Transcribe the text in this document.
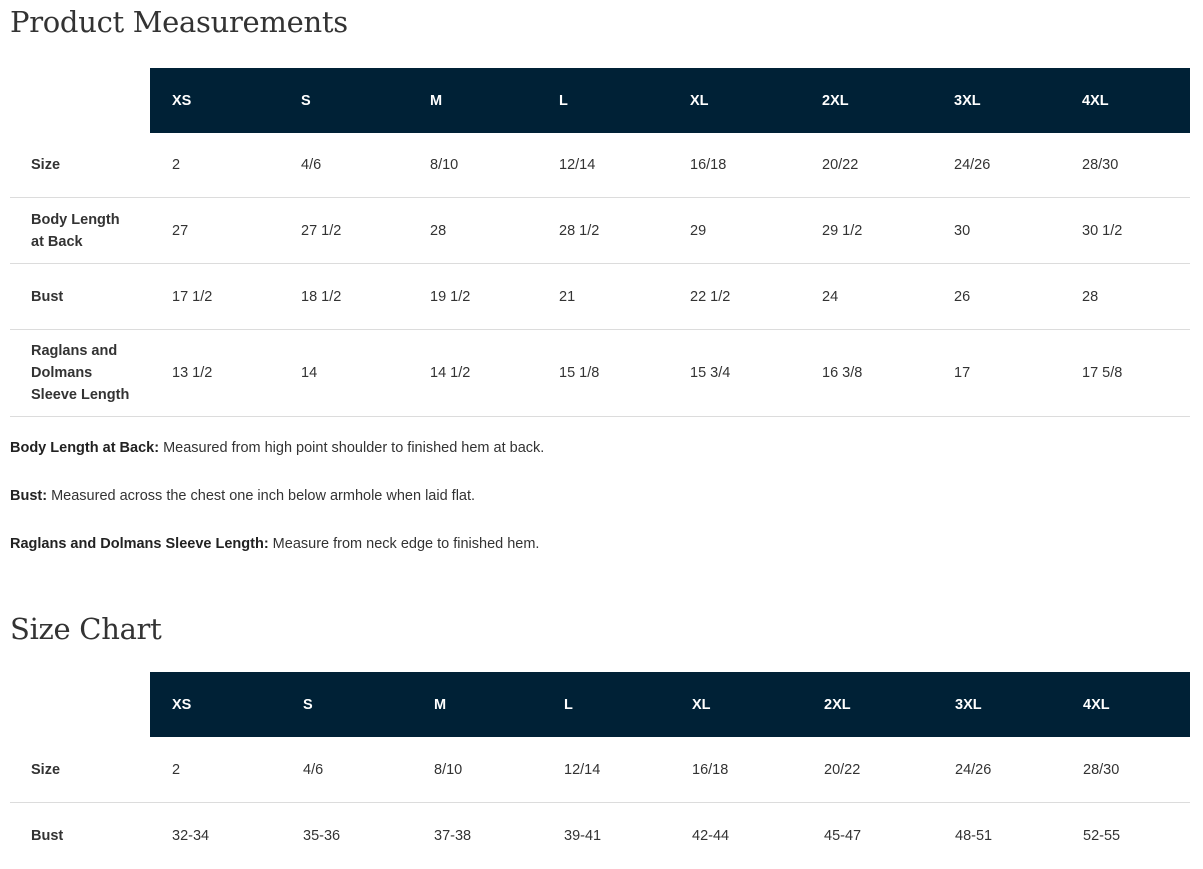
Product Measurements
	XS	S	M	L	XL	2XL	3XL	4XL
Size	2	4/6	8/10	12/14	16/18	20/22	24/26	28/30
Body Length at Back	27	27 1/2	28	28 1/2	29	29 1/2	30	30 1/2
Bust	17 1/2	18 1/2	19 1/2	21	22 1/2	24	26	28
Raglans and Dolmans Sleeve Length	13 1/2	14	14 1/2	15 1/8	15 3/4	16 3/8	17	17 5/8

Body Length at Back: Measured from high point shoulder to finished hem at back.

Bust: Measured across the chest one inch below armhole when laid flat.

Raglans and Dolmans Sleeve Length: Measure from neck edge to finished hem.

Size Chart
	XS	S	M	L	XL	2XL	3XL	4XL
Size	2	4/6	8/10	12/14	16/18	20/22	24/26	28/30
Bust	32-34	35-36	37-38	39-41	42-44	45-47	48-51	52-55
